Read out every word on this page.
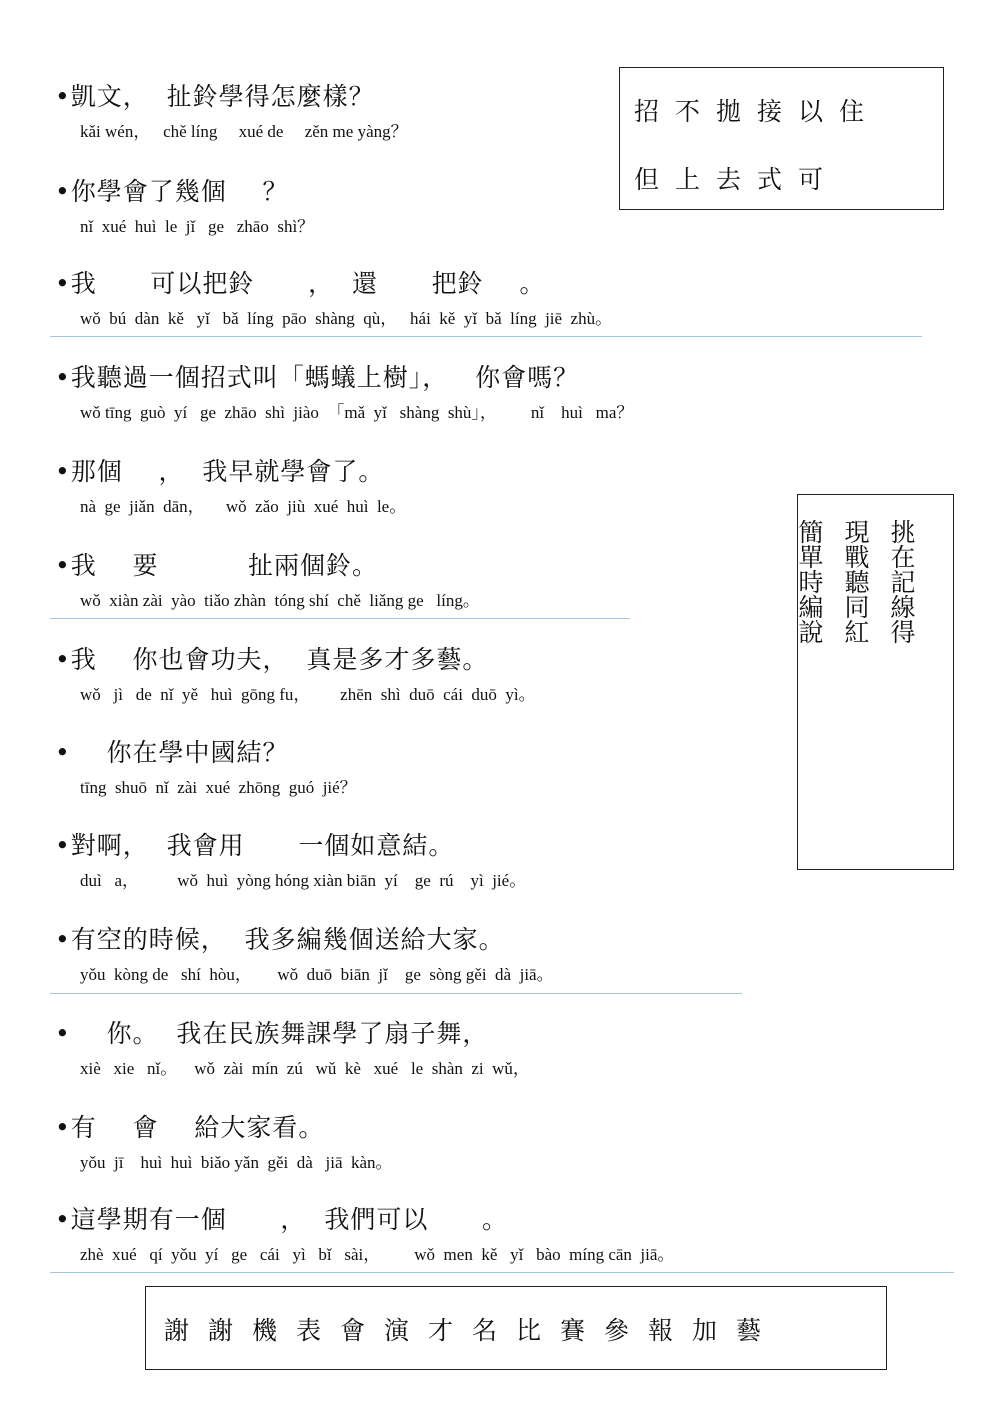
•凱文，  扯鈴學得怎麼樣？
kǎi wén，   chě líng     xué de     zěn me yàng？
•你學會了幾個    ？
nǐ  xué  huì  le  jǐ   ge   zhāo  shì？
•我      可以把鈴      ，  還      把鈴    。
wǒ  bú  dàn  kě   yǐ   bǎ  líng  pāo  shàng  qù，   hái  kě  yǐ  bǎ  líng  jiē  zhù。
•我聽過一個招式叫「螞蟻上樹」，   你會嗎？
wǒ tīng  guò  yí   ge  zhāo  shì  jiào  「mǎ  yǐ   shàng  shù」，        nǐ    huì   ma？
•那個    ，  我早就學會了。
nà  ge  jiǎn  dān，     wǒ  zǎo  jiù  xué  huì  le。
•我    要          扯兩個鈴。
wǒ  xiàn zài  yào  tiǎo zhàn  tóng shí  chě  liǎng ge   líng。
•我    你也會功夫，  真是多才多藝。
wǒ   jì   de  nǐ  yě   huì  gōng fu，       zhēn  shì  duō  cái  duō  yì。
•    你在學中國結？
tīng  shuō  nǐ  zài  xué  zhōng  guó  jié？
•對啊，  我會用      一個如意結。
duì   a，         wǒ  huì  yòng hóng xiàn biān  yí    ge  rú    yì  jié。
•有空的時候，  我多編幾個送給大家。
yǒu  kòng de   shí  hòu，      wǒ  duō  biān  jǐ    ge  sòng gěi  dà  jiā。
•    你。  我在民族舞課學了扇子舞，
xiè   xie   nǐ。    wǒ  zài  mín  zú   wǔ  kè   xué   le  shàn  zi  wǔ，
•有    會    給大家看。
yǒu  jī    huì  huì  biǎo yǎn  gěi  dà   jiā  kàn。
•這學期有一個      ，  我們可以      。
zhè  xué   qí  yǒu  yí   ge   cái   yì   bǐ   sài，        wǒ  men  kě   yǐ   bào  míng cān  jiā。
招不拋接以住
但上去式可
簡單時編說 現戰聽同紅 挑在記線得
謝謝機表會演才名比賽參報加藝
